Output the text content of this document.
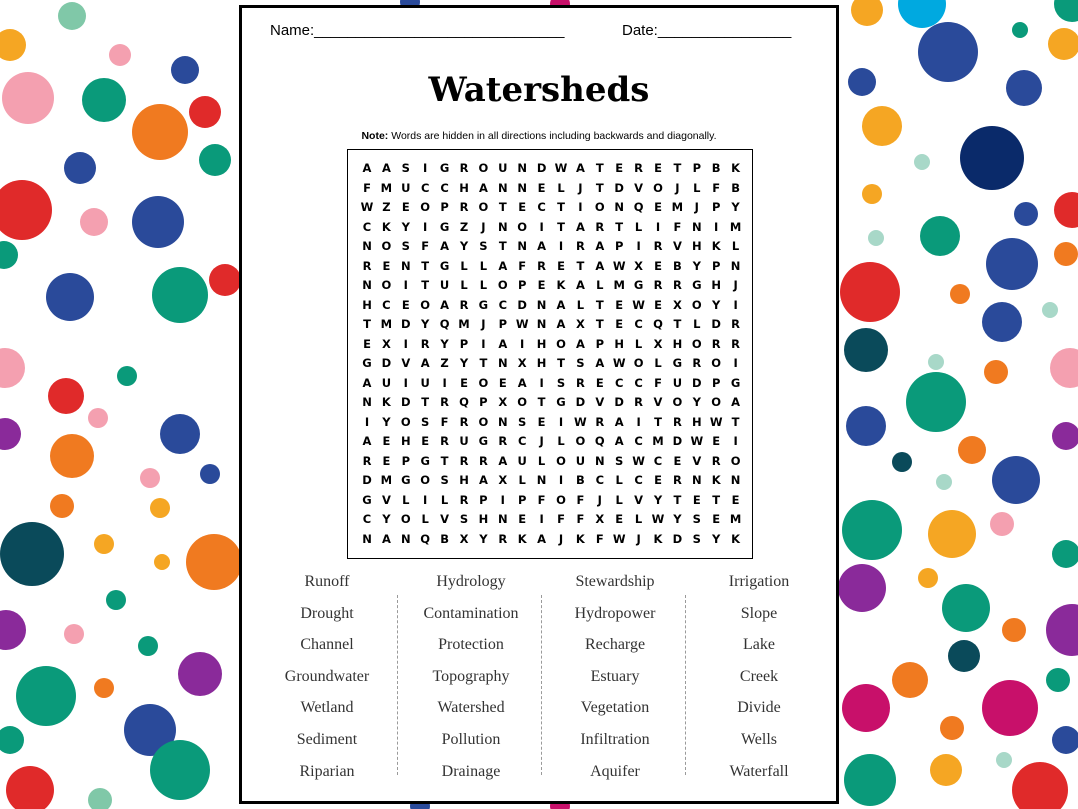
Name:______________________________	Date:________________
Watersheds
Note: Words are hidden in all directions including backwards and diagonally.
A A S	I	G R O U N D W A T	E R E	T P B K
F M U C C H A N N E	L	J	T D V O	J	L	F B
W Z E O P R O T	E C T	I	O N Q E M	J	P Y
C K Y	I	G Z	J	N O	I	T A R T	L	I	F N	I	M
N O S F A Y S T N A	I	R A P	I	R V H K L
R E N T G L	L A F R E	T A W X E B Y P N
N O	I	T U L	L O P E K A L M G R R G H	J
H C E O A R G C D N A L	T	E W E X O Y	I
T M D Y Q M	J	P W N A X T	E C Q T	L D R
E X	I	R Y P	I	A	I	H O A P H L X H O R R
G D V A Z Y T N X H T S A W O L G R O	I
A U	I	U	I	E O E A	I	S R E C C F U D P G
N K D T R Q P X O T G D V D R V O Y O A
I	Y O S F R O N S E	I W R A	I	T R H W T
A E H E R U G R C	J	L O Q A C M D W E	I
R E P G T R R A U L O U N S W C E V R O
D M G O S H A X L N	I	B C	L	C E R N K N
G V L	I	L R P	I	P F O F	J	L V Y T	E	T	E
C Y O L V S H N E	I	F	F X E	L W Y S E M
N A N Q B X Y R K A	J	K F W J	K D S Y K
Runoff
Drought
Channel
Groundwater
Wetland
Sediment
Riparian
Hydrology
Contamination
Protection
Topography
Watershed
Pollution
Drainage
Stewardship
Hydropower
Recharge
Estuary
Vegetation
Infiltration
Aquifer
Irrigation
Slope
Lake
Creek
Divide
Wells
Waterfall
